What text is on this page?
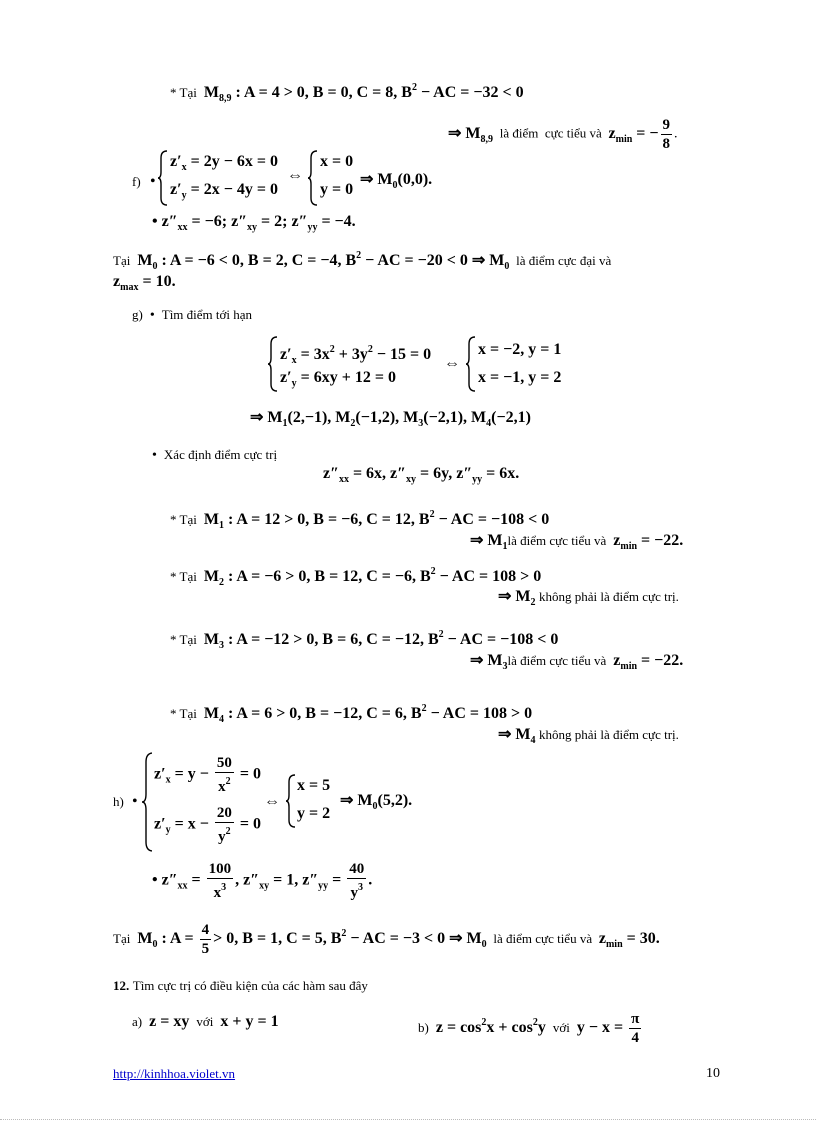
* Tại $M_{8,9}$ : A = 4 > 0, B = 0, C = 8, $B^2$ − AC = −32 < 0
⇒ $M_{8,9}$  là điểm  cực tiểu và  $z_{min}$ = − $\frac{9}{8}$ .
f) •
$z'_x = 2y - 6x = 0$
$z'_y = 2x - 4y = 0$
⇔
x = 0
y = 0
⇒ $M_0(0,0)$.
• $z''_{xx} = -6$; $z''_{xy} = 2$; $z''_{yy} = -4$.
Tại $M_0$ : A = −6 < 0, B = 2, C = −4, $B^2$ − AC = −20 < 0 ⇒ $M_0$  là điểm cực đại và
$z_{max} = 10$.
g) • Tìm điểm tới hạn
$z'_x = 3x^2 + 3y^2 - 15 = 0$
$z'_y = 6xy + 12 = 0$
⇔
x = −2, y = 1
x = −1, y = 2
⇒ $M_1(2,-1)$, $M_2(-1,2)$, $M_3(-2,1)$, $M_4(-2,1)$
• Xác định điểm cực trị
$z''_{xx} = 6x$, $z''_{xy} = 6y$, $z''_{yy} = 6x$.
* Tại $M_1$ : A = 12 > 0, B = −6, C = 12, $B^2$ − AC = −108 < 0
⇒ $M_1là$ điểm cực tiểu và $z_{min} = -22$.
* Tại $M_2$ : A = −6 > 0, B = 12, C = −6, $B^2$ − AC = 108 > 0
⇒ $M_2$ không phải là điểm cực trị.
* Tại $M_3$ : A = −12 > 0, B = 6, C = −12, $B^2$ − AC = −108 < 0
⇒ $M_3là$ điểm cực tiểu và $z_{min} = -22$.
* Tại $M_4$ : A = 6 > 0, B = −12, C = 6, $B^2$ − AC = 108 > 0
⇒ $M_4$ không phải là điểm cực trị.
h) •
$z'_x = y - \frac{50}{x^2} = 0$
$z'_y = x - \frac{20}{y^2} = 0$
⇔
x = 5
y = 2
⇒ $M_0(5,2)$.
• $z''_{xx} = \frac{100}{x^3}$ , $z''_{xy} = 1$, $z''_{yy} = \frac{40}{y^3}$ .
Tại $M_0$ : $A = \frac{4}{5} > 0$, B = 1, C = 5, $B^2$ − AC = −3 < 0 ⇒ $M_0$  là điểm cực tiểu và  $z_{min} = 30$.
12. Tìm cực trị có điều kiện của các hàm sau đây
a) z = xy với x + y = 1	b) $z = \cos^2x + \cos^2y$ với $y - x = \frac{\pi}{4}$
http://kinhhoa.violet.vn	10
